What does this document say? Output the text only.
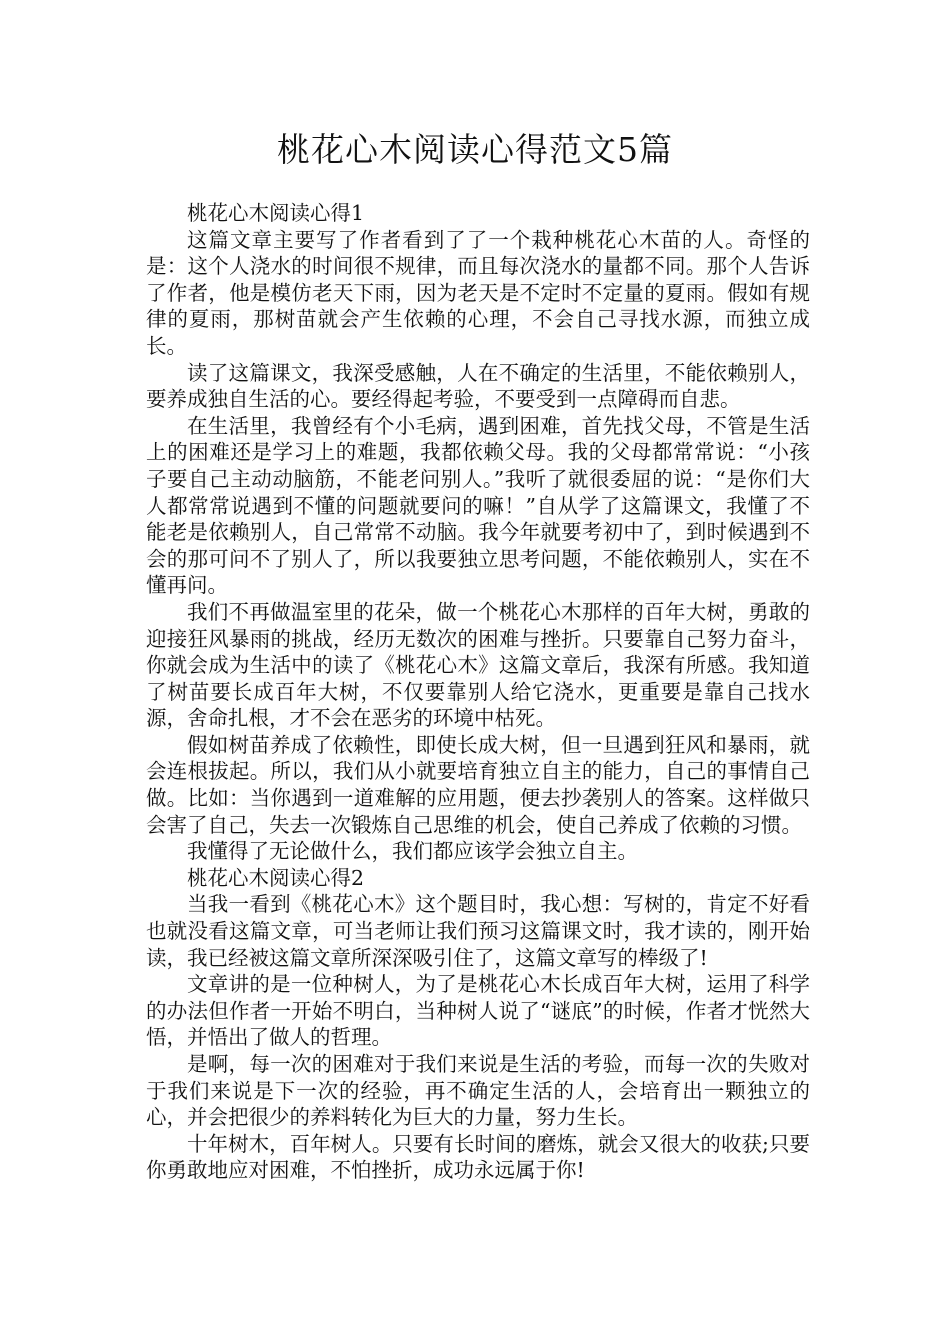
桃花心木阅读心得范文5篇

桃花心木阅读心得1

这篇文章主要写了作者看到了了一个栽种桃花心木苗的人。奇怪的是：这个人浇水的时间很不规律，而且每次浇水的量都不同。那个人告诉了作者，他是模仿老天下雨，因为老天是不定时不定量的夏雨。假如有规律的夏雨，那树苗就会产生依赖的心理，不会自己寻找水源，而独立成长。

读了这篇课文，我深受感触，人在不确定的生活里，不能依赖别人，要养成独自生活的心。要经得起考验，不要受到一点障碍而自悲。

在生活里，我曾经有个小毛病，遇到困难，首先找父母，不管是生活上的困难还是学习上的难题，我都依赖父母。我的父母都常常说：“小孩子要自己主动动脑筋，不能老问别人。”我听了就很委屈的说：“是你们大人都常常说遇到不懂的问题就要问的嘛！”自从学了这篇课文，我懂了不能老是依赖别人，自己常常不动脑。我今年就要考初中了，到时候遇到不会的那可问不了别人了，所以我要独立思考问题，不能依赖别人，实在不懂再问。

我们不再做温室里的花朵，做一个桃花心木那样的百年大树，勇敢的迎接狂风暴雨的挑战，经历无数次的困难与挫折。只要靠自己努力奋斗，你就会成为生活中的读了《桃花心木》这篇文章后，我深有所感。我知道了树苗要长成百年大树，不仅要靠别人给它浇水，更重要是靠自己找水源，舍命扎根，才不会在恶劣的环境中枯死。

假如树苗养成了依赖性，即使长成大树，但一旦遇到狂风和暴雨，就会连根拔起。所以，我们从小就要培育独立自主的能力，自己的事情自己做。比如：当你遇到一道难解的应用题，便去抄袭别人的答案。这样做只会害了自己，失去一次锻炼自己思维的机会，使自己养成了依赖的习惯。

我懂得了无论做什么，我们都应该学会独立自主。

桃花心木阅读心得2

当我一看到《桃花心木》这个题目时，我心想：写树的，肯定不好看也就没看这篇文章，可当老师让我们预习这篇课文时，我才读的，刚开始读，我已经被这篇文章所深深吸引住了，这篇文章写的棒级了!

文章讲的是一位种树人，为了是桃花心木长成百年大树，运用了科学的办法但作者一开始不明白，当种树人说了“谜底”的时候，作者才恍然大悟，并悟出了做人的哲理。

是啊，每一次的困难对于我们来说是生活的考验，而每一次的失败对于我们来说是下一次的经验，再不确定生活的人，会培育出一颗独立的心，并会把很少的养料转化为巨大的力量，努力生长。

十年树木，百年树人。只要有长时间的磨炼，就会又很大的收获;只要你勇敢地应对困难，不怕挫折，成功永远属于你!
